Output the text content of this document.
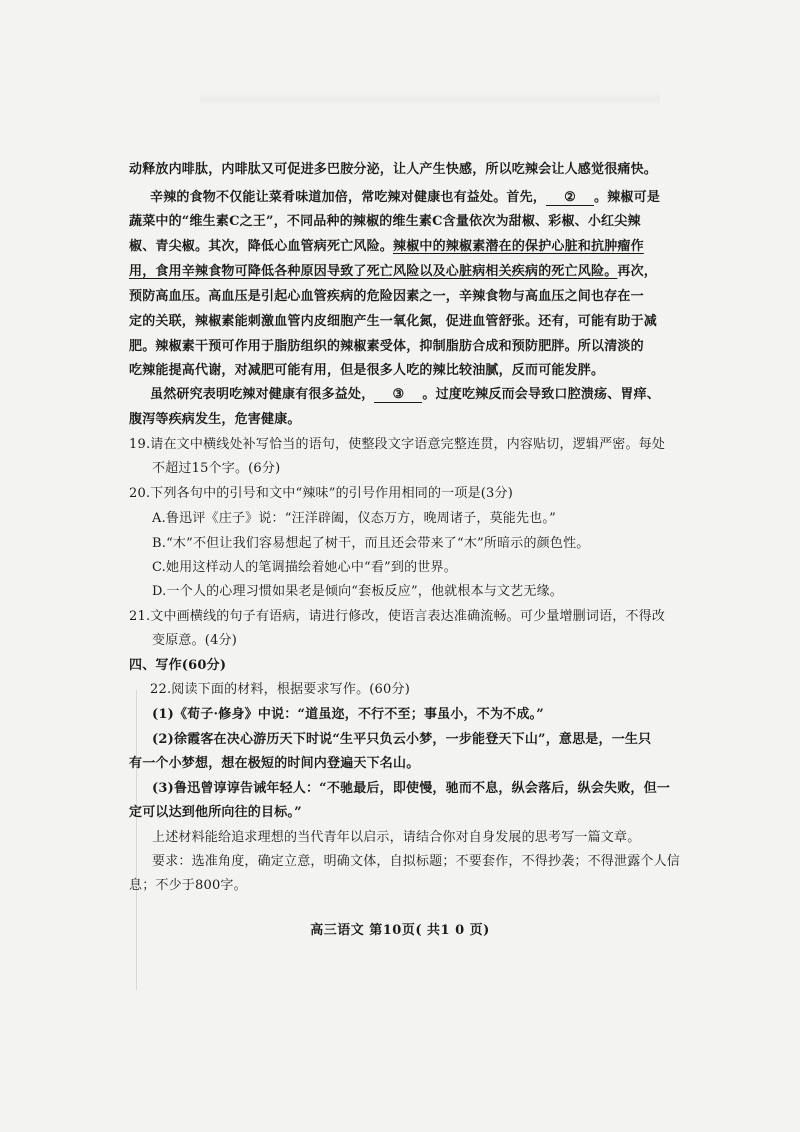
动释放内啡肽，内啡肽又可促进多巴胺分泌，让人产生快感，所以吃辣会让人感觉很痛快。
辛辣的食物不仅能让菜肴味道加倍，常吃辣对健康也有益处。首先， ② 。辣椒可是
蔬菜中的“维生素C之王”，不同品种的辣椒的维生素C含量依次为甜椒、彩椒、小红尖辣
椒、青尖椒。其次，降低心血管病死亡风险。辣椒中的辣椒素潜在的保护心脏和抗肿瘤作
用，食用辛辣食物可降低各种原因导致了死亡风险以及心脏病相关疾病的死亡风险。再次，
预防高血压。高血压是引起心血管疾病的危险因素之一，辛辣食物与高血压之间也存在一
定的关联，辣椒素能刺激血管内皮细胞产生一氧化氮，促进血管舒张。还有，可能有助于减
肥。辣椒素干预可作用于脂肪组织的辣椒素受体，抑制脂肪合成和预防肥胖。所以清淡的
吃辣能提高代谢，对减肥可能有用，但是很多人吃的辣比较油腻，反而可能发胖。
虽然研究表明吃辣对健康有很多益处， ③ 。过度吃辣反而会导致口腔溃疡、胃痒、
腹泻等疾病发生，危害健康。
19.请在文中横线处补写恰当的语句，使整段文字语意完整连贯，内容贴切，逻辑严密。每处
不超过15个字。(6分)
20.下列各句中的引号和文中“辣味”的引号作用相同的一项是(3分)
A.鲁迅评《庄子》说：“汪洋辟阖，仪态万方，晚周诸子，莫能先也。”
B.“木”不但让我们容易想起了树干，而且还会带来了“木”所暗示的颜色性。
C.她用这样动人的笔调描绘着她心中“看”到的世界。
D.一个人的心理习惯如果老是倾向“套板反应”，他就根本与文艺无缘。
21.文中画横线的句子有语病，请进行修改，使语言表达准确流畅。可少量增删词语，不得改
变原意。(4分)
四、写作(60分)
22.阅读下面的材料，根据要求写作。(60分)
(1)《荀子·修身》中说：“道虽迩，不行不至；事虽小，不为不成。”
(2)徐霞客在决心游历天下时说“生平只负云小梦，一步能登天下山”，意思是，一生只
有一个小梦想，想在极短的时间内登遍天下名山。
(3)鲁迅曾谆谆告诫年轻人：“不驰最后，即使慢，驰而不息，纵会落后，纵会失败，但一
定可以达到他所向往的目标。”
上述材料能给追求理想的当代青年以启示，请结合你对自身发展的思考写一篇文章。
要求：选准角度，确定立意，明确文体，自拟标题；不要套作，不得抄袭；不得泄露个人信
息；不少于800字。
高三语文 第10页( 共1 0 页)
